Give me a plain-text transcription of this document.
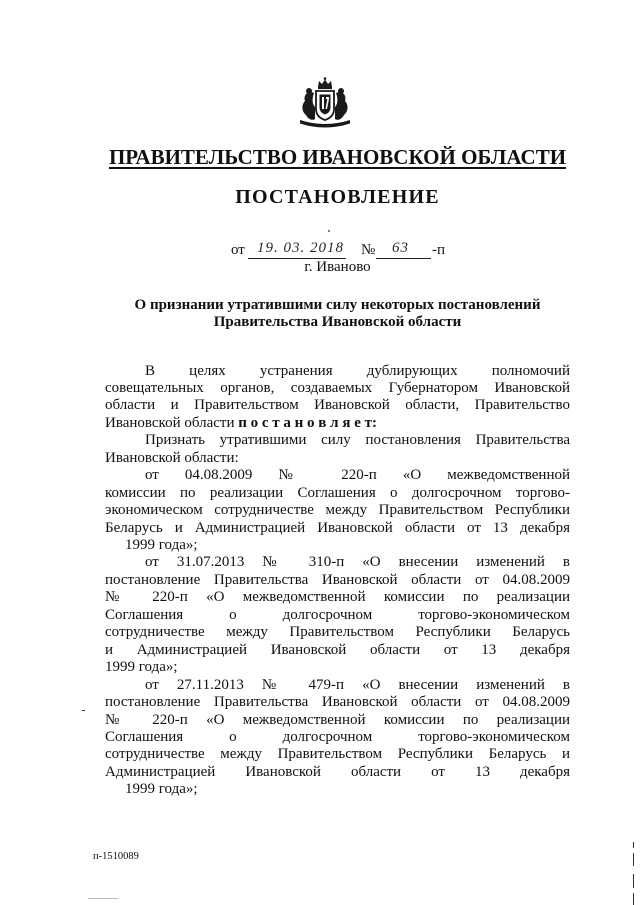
ПРАВИТЕЛЬСТВО ИВАНОВСКОЙ ОБЛАСТИ
ПОСТАНОВЛЕНИЕ
от 19. 03. 2018 № 63 -п
г. Иваново
О признании утратившими силу некоторых постановлений
Правительства Ивановской области
В целях устранения дублирующих полномочий
совещательных органов, создаваемых Губернатором Ивановской
области и Правительством Ивановской области, Правительство
Ивановской области п о с т а н о в л я е т:
Признать утратившими силу постановления Правительства
Ивановской области:
от 04.08.2009 № 220-п «О межведомственной
комиссии по реализации Соглашения о долгосрочном торгово-
экономическом сотрудничестве между Правительством Республики
Беларусь и Администрацией Ивановской области от 13 декабря
1999 года»;
от 31.07.2013 № 310-п «О внесении изменений в
постановление Правительства Ивановской области от 04.08.2009
№ 220-п «О межведомственной комиссии по реализации
Соглашения о долгосрочном торгово-экономическом
сотрудничестве между Правительством Республики Беларусь
и Администрацией Ивановской области от 13 декабря
1999 года»;
от 27.11.2013 № 479-п «О внесении изменений в
постановление Правительства Ивановской области от 04.08.2009
№ 220-п «О межведомственной комиссии по реализации
Соглашения о долгосрочном торгово-экономическом
сотрудничестве между Правительством Республики Беларусь и
Администрацией Ивановской области от 13 декабря
1999 года»;
п-1510089
